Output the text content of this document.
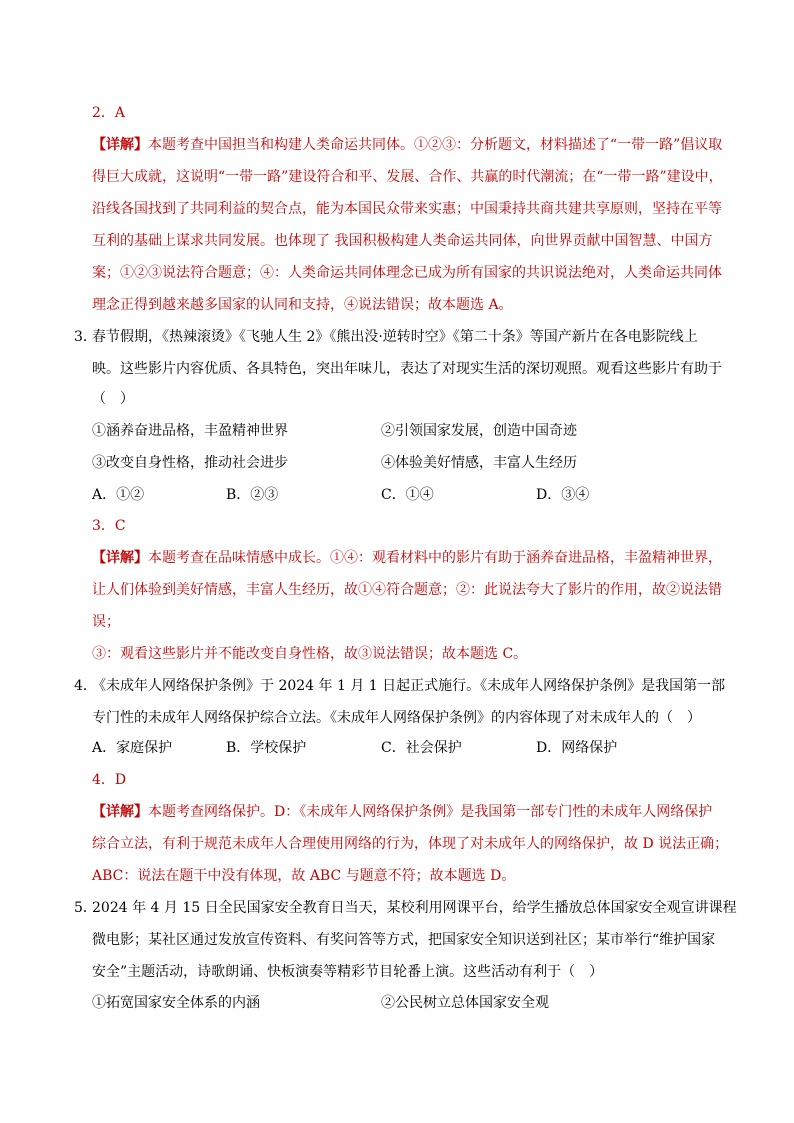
2．A
【详解】本题考查中国担当和构建人类命运共同体。①②③：分析题文，材料描述了“一带一路”倡议取
得巨大成就，这说明“一带一路”建设符合和平、发展、合作、共赢的时代潮流；在“一带一路”建设中，
沿线各国找到了共同利益的契合点，能为本国民众带来实惠；中国秉持共商共建共享原则，坚持在平等
互利的基础上谋求共同发展。也体现了 我国积极构建人类命运共同体，向世界贡献中国智慧、中国方
案；①②③说法符合题意；④：人类命运共同体理念已成为所有国家的共识说法绝对，人类命运共同体
理念正得到越来越多国家的认同和支持，④说法错误；故本题选 A。
3．
春节假期，《热辣滚烫》《飞驰人生 2》《熊出没·逆转时空》《第二十条》等国产新片在各电影院线上
映。这些影片内容优质、各具特色，突出年味儿，表达了对现实生活的深切观照。观看这些影片有助于
（　）
①涵养奋进品格，丰盈精神世界	②引领国家发展，创造中国奇迹
③改变自身性格，推动社会进步	④体验美好情感，丰富人生经历
A．①②	B．②③	C．①④	D．③④
3．C
【详解】本题考查在品味情感中成长。①④：观看材料中的影片有助于涵养奋进品格，丰盈精神世界，
让人们体验到美好情感，丰富人生经历，故①④符合题意；②：此说法夸大了影片的作用，故②说法错
误；
③：观看这些影片并不能改变自身性格，故③说法错误；故本题选 C。
4．
《未成年人网络保护条例》于 2024 年 1 月 1 日起正式施行。《未成年人网络保护条例》是我国第一部
专门性的未成年人网络保护综合立法。《未成年人网络保护条例》的内容体现了对未成年人的（　）
A．家庭保护	B．学校保护	C．社会保护	D．网络保护
4．D
【详解】本题考查网络保护。D：《未成年人网络保护条例》是我国第一部专门性的未成年人网络保护
综合立法，有利于规范未成年人合理使用网络的行为，体现了对未成年人的网络保护，故 D 说法正确；
ABC：说法在题干中没有体现，故 ABC 与题意不符；故本题选 D。
5．
2024 年 4 月 15 日全民国家安全教育日当天，某校利用网课平台，给学生播放总体国家安全观宣讲课程
微电影；某社区通过发放宣传资料、有奖问答等方式，把国家安全知识送到社区；某市举行“维护国家
安全”主题活动，诗歌朗诵、快板演奏等精彩节目轮番上演。这些活动有利于（　）
①拓宽国家安全体系的内涵	②公民树立总体国家安全观
